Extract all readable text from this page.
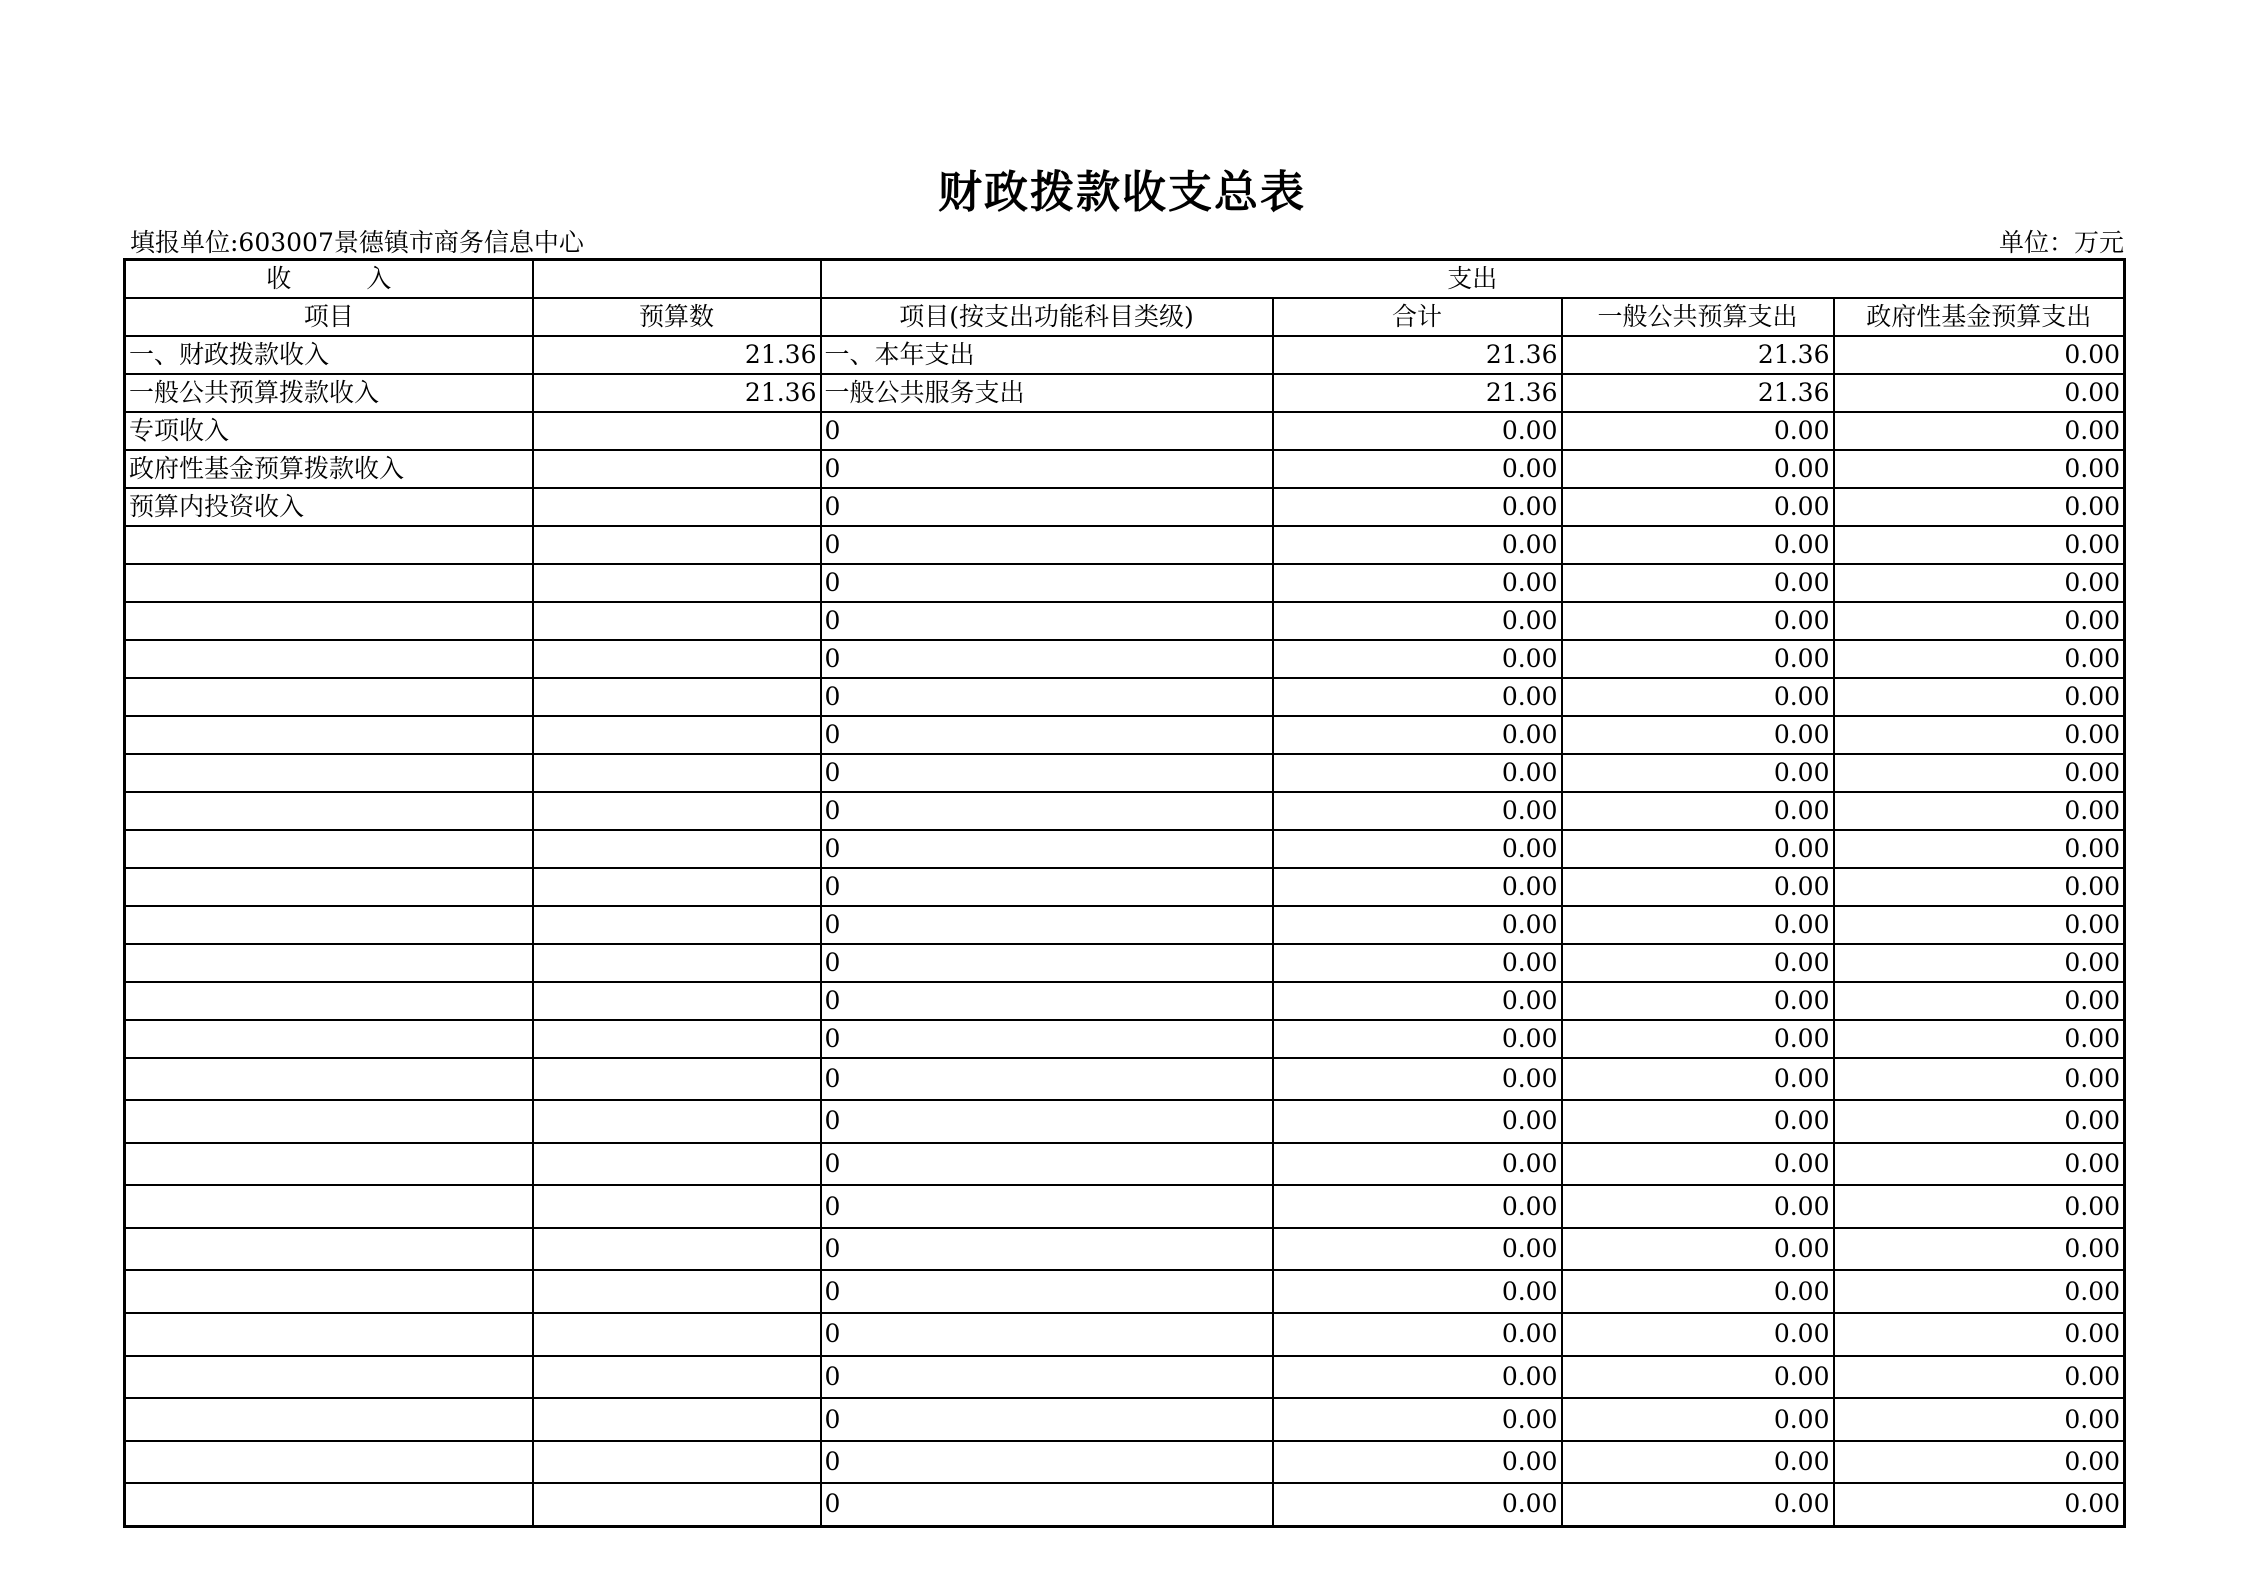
财政拨款收支总表
填报单位:603007景德镇市商务信息中心	单位：万元
收　　　入		支出			
项目	预算数	项目(按支出功能科目类级)	合计	一般公共预算支出	政府性基金预算支出
一、财政拨款收入	21.36	一、本年支出	21.36	21.36	0.00
一般公共预算拨款收入	21.36	一般公共服务支出	21.36	21.36	0.00
专项收入		0	0.00	0.00	0.00
政府性基金预算拨款收入		0	0.00	0.00	0.00
预算内投资收入		0	0.00	0.00	0.00
		0	0.00	0.00	0.00
		0	0.00	0.00	0.00
		0	0.00	0.00	0.00
		0	0.00	0.00	0.00
		0	0.00	0.00	0.00
		0	0.00	0.00	0.00
		0	0.00	0.00	0.00
		0	0.00	0.00	0.00
		0	0.00	0.00	0.00
		0	0.00	0.00	0.00
		0	0.00	0.00	0.00
		0	0.00	0.00	0.00
		0	0.00	0.00	0.00
		0	0.00	0.00	0.00
		0	0.00	0.00	0.00
		0	0.00	0.00	0.00
		0	0.00	0.00	0.00
		0	0.00	0.00	0.00
		0	0.00	0.00	0.00
		0	0.00	0.00	0.00
		0	0.00	0.00	0.00
		0	0.00	0.00	0.00
		0	0.00	0.00	0.00
		0	0.00	0.00	0.00
		0	0.00	0.00	0.00
